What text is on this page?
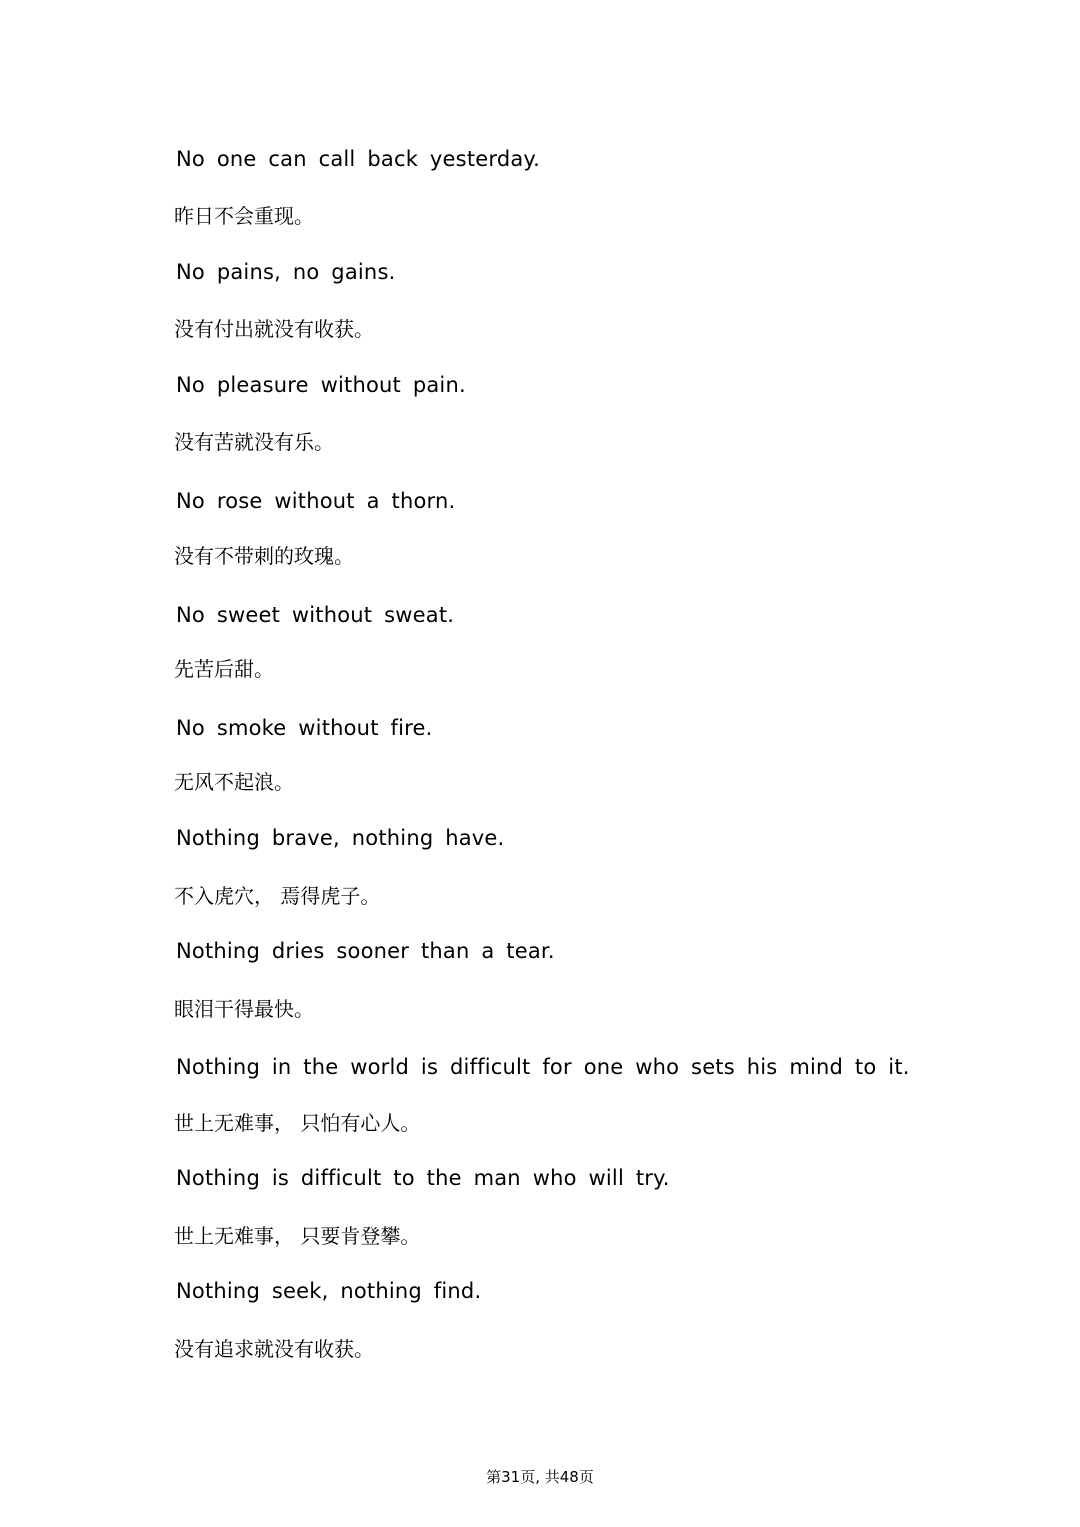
No one can call back yesterday.

昨日不会重现。

No pains, no gains.

没有付出就没有收获。

No pleasure without pain.

没有苦就没有乐。

No rose without a thorn.

没有不带刺的玫瑰。

No sweet without sweat.

先苦后甜。

No smoke without fire.

无风不起浪。

Nothing brave, nothing have.

不入虎穴， 焉得虎子。

Nothing dries sooner than a tear.

眼泪干得最快。

Nothing in the world is difficult for one who sets his mind to it.

世上无难事， 只怕有心人。

Nothing is difficult to the man who will try.

世上无难事， 只要肯登攀。

Nothing seek, nothing find.

没有追求就没有收获。

第31页, 共48页
